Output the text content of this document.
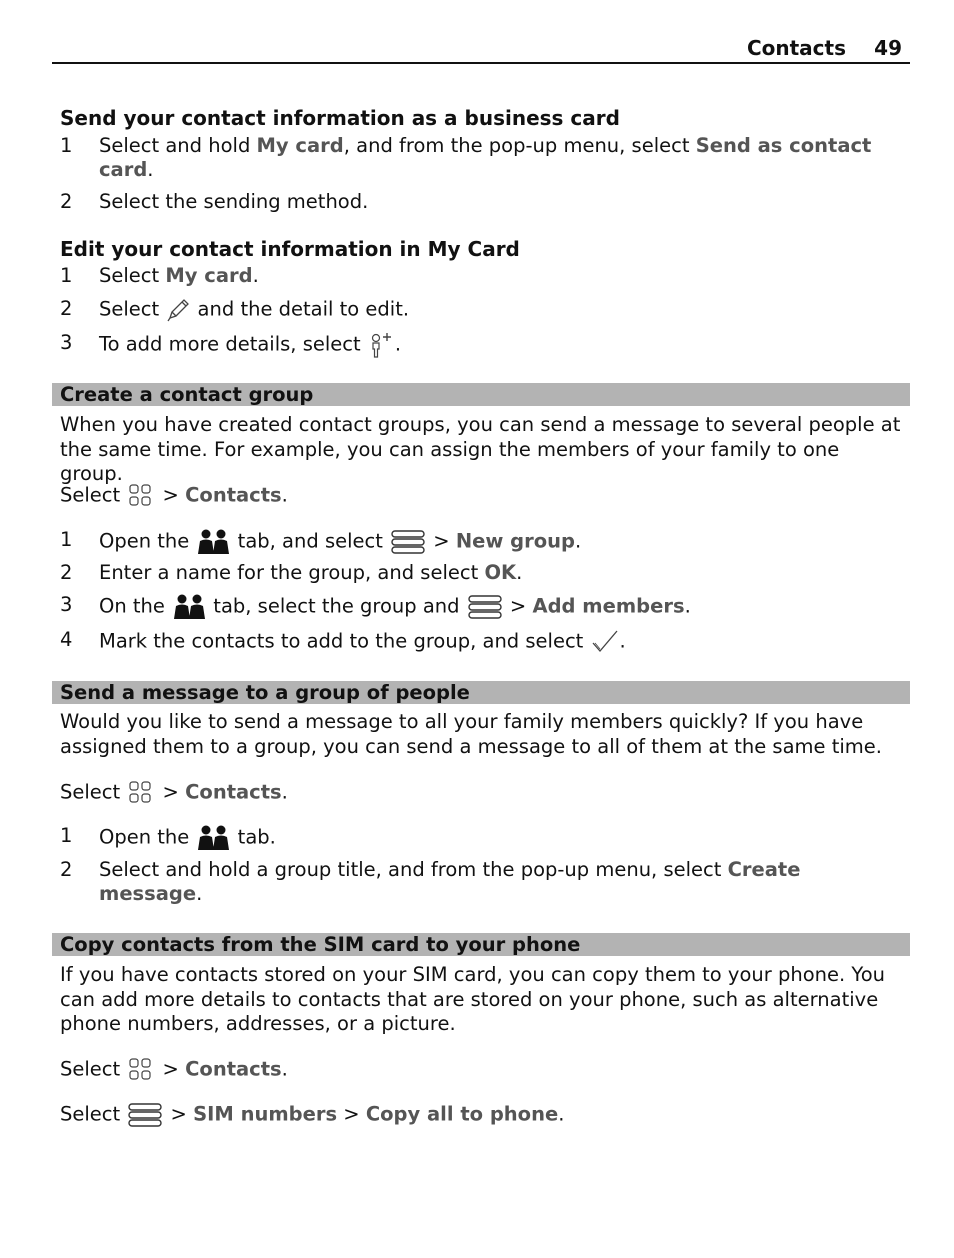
Contacts 49
Send your contact information as a business card
1 Select and hold My card, and from the pop-up menu, select Send as contact
card.
2 Select the sending method.
Edit your contact information in My Card
1 Select My card.
2 Select
and the detail to edit.
3 To add more details, select
.
Create a contact group
When you have created contact groups, you can send a message to several people at the same time. For example, you can assign the members of your family to one group.
Select
> Contacts.
1 Open the
tab, and select
> New group.
2 Enter a name for the group, and select OK.
3 On the
tab, select the group and
> Add members.
4 Mark the contacts to add to the group, and select
.
Send a message to a group of people
Would you like to send a message to all your family members quickly? If you have assigned them to a group, you can send a message to all of them at the same time.
Select
> Contacts.
1 Open the
tab.
2 Select and hold a group title, and from the pop-up menu, select Create
message.
Copy contacts from the SIM card to your phone
If you have contacts stored on your SIM card, you can copy them to your phone. You can add more details to contacts that are stored on your phone, such as alternative phone numbers, addresses, or a picture.
Select
> Contacts.
Select
> SIM numbers > Copy all to phone.
